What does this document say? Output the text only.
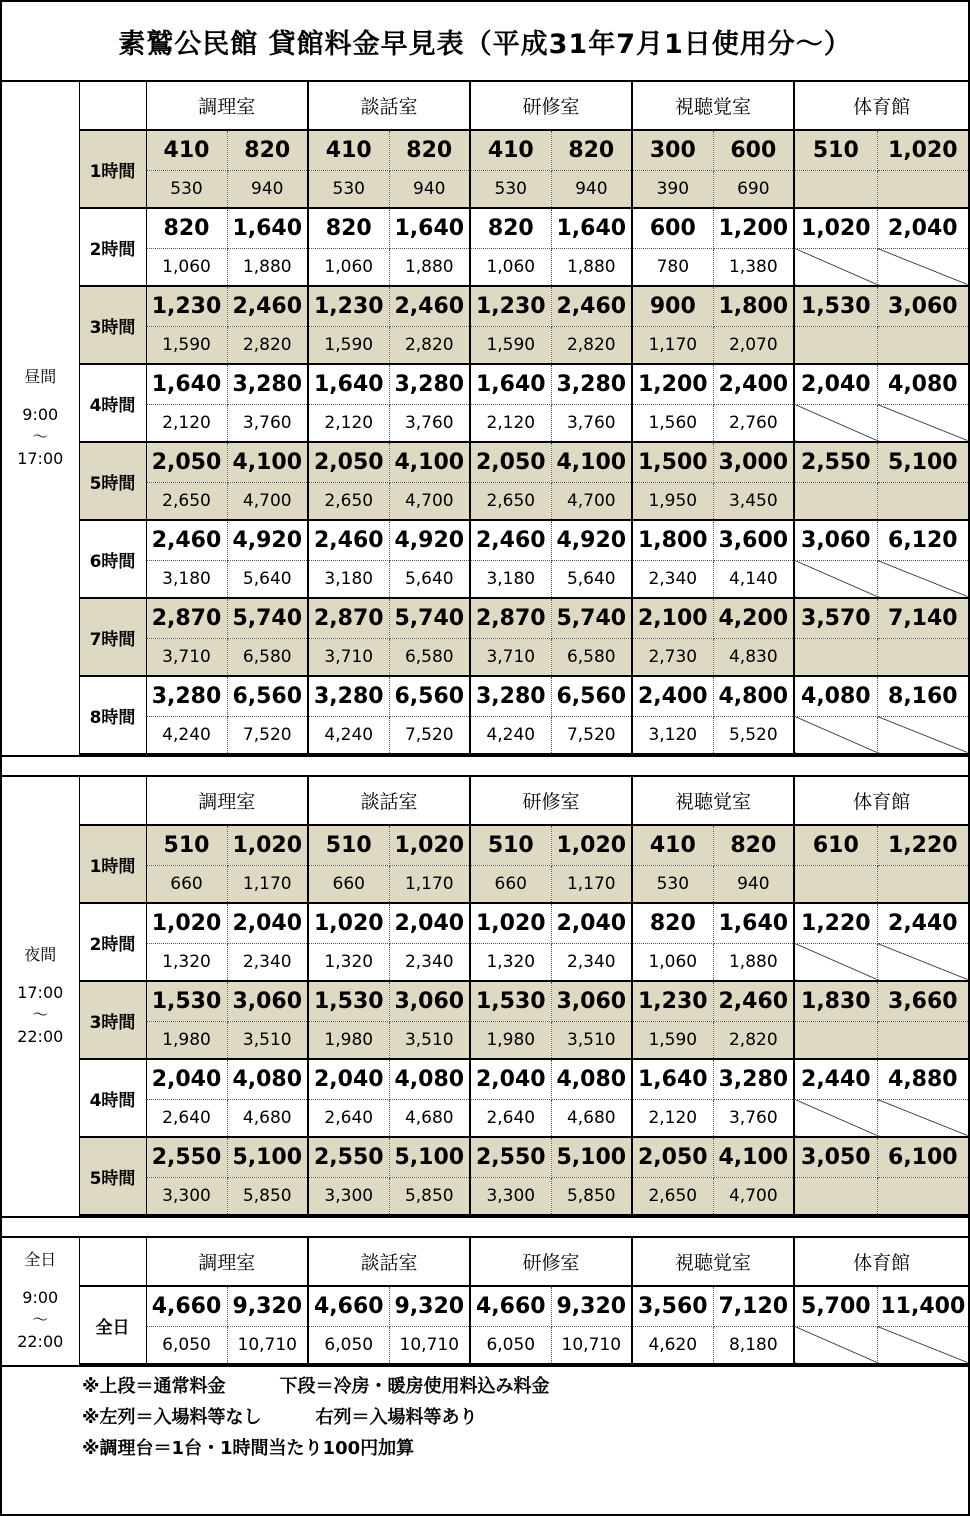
素鷲公民館 貸館料金早見表（平成31年7月1日使用分～）
昼間
9:00
～
17:00		調理室		談話室		研修室		視聴覚室		体育館	
	1時間	410	820	410	820	410	820	300	600	510	1,020
		530	940	530	940	530	940	390	690		
	2時間	820	1,640	820	1,640	820	1,640	600	1,200	1,020	2,040
		1,060	1,880	1,060	1,880	1,060	1,880	780	1,380		
	3時間	1,230	2,460	1,230	2,460	1,230	2,460	900	1,800	1,530	3,060
		1,590	2,820	1,590	2,820	1,590	2,820	1,170	2,070		
	4時間	1,640	3,280	1,640	3,280	1,640	3,280	1,200	2,400	2,040	4,080
		2,120	3,760	2,120	3,760	2,120	3,760	1,560	2,760		
	5時間	2,050	4,100	2,050	4,100	2,050	4,100	1,500	3,000	2,550	5,100
		2,650	4,700	2,650	4,700	2,650	4,700	1,950	3,450		
	6時間	2,460	4,920	2,460	4,920	2,460	4,920	1,800	3,600	3,060	6,120
		3,180	5,640	3,180	5,640	3,180	5,640	2,340	4,140		
	7時間	2,870	5,740	2,870	5,740	2,870	5,740	2,100	4,200	3,570	7,140
		3,710	6,580	3,710	6,580	3,710	6,580	2,730	4,830		
	8時間	3,280	6,560	3,280	6,560	3,280	6,560	2,400	4,800	4,080	8,160
		4,240	7,520	4,240	7,520	4,240	7,520	3,120	5,520		
夜間
17:00
～
22:00		調理室		談話室		研修室		視聴覚室		体育館	
	1時間	510	1,020	510	1,020	510	1,020	410	820	610	1,220
		660	1,170	660	1,170	660	1,170	530	940		
	2時間	1,020	2,040	1,020	2,040	1,020	2,040	820	1,640	1,220	2,440
		1,320	2,340	1,320	2,340	1,320	2,340	1,060	1,880		
	3時間	1,530	3,060	1,530	3,060	1,530	3,060	1,230	2,460	1,830	3,660
		1,980	3,510	1,980	3,510	1,980	3,510	1,590	2,820		
	4時間	2,040	4,080	2,040	4,080	2,040	4,080	1,640	3,280	2,440	4,880
		2,640	4,680	2,640	4,680	2,640	4,680	2,120	3,760		
	5時間	2,550	5,100	2,550	5,100	2,550	5,100	2,050	4,100	3,050	6,100
		3,300	5,850	3,300	5,850	3,300	5,850	2,650	4,700		
全日
9:00
～
22:00		調理室		談話室		研修室		視聴覚室		体育館	
	全日	4,660	9,320	4,660	9,320	4,660	9,320	3,560	7,120	5,700	11,400
		6,050	10,710	6,050	10,710	6,050	10,710	4,620	8,180		
※上段＝通常料金　　　下段＝冷房・暖房使用料込み料金
※左列＝入場料等なし　　　右列＝入場料等あり
※調理台＝1台・1時間当たり100円加算
